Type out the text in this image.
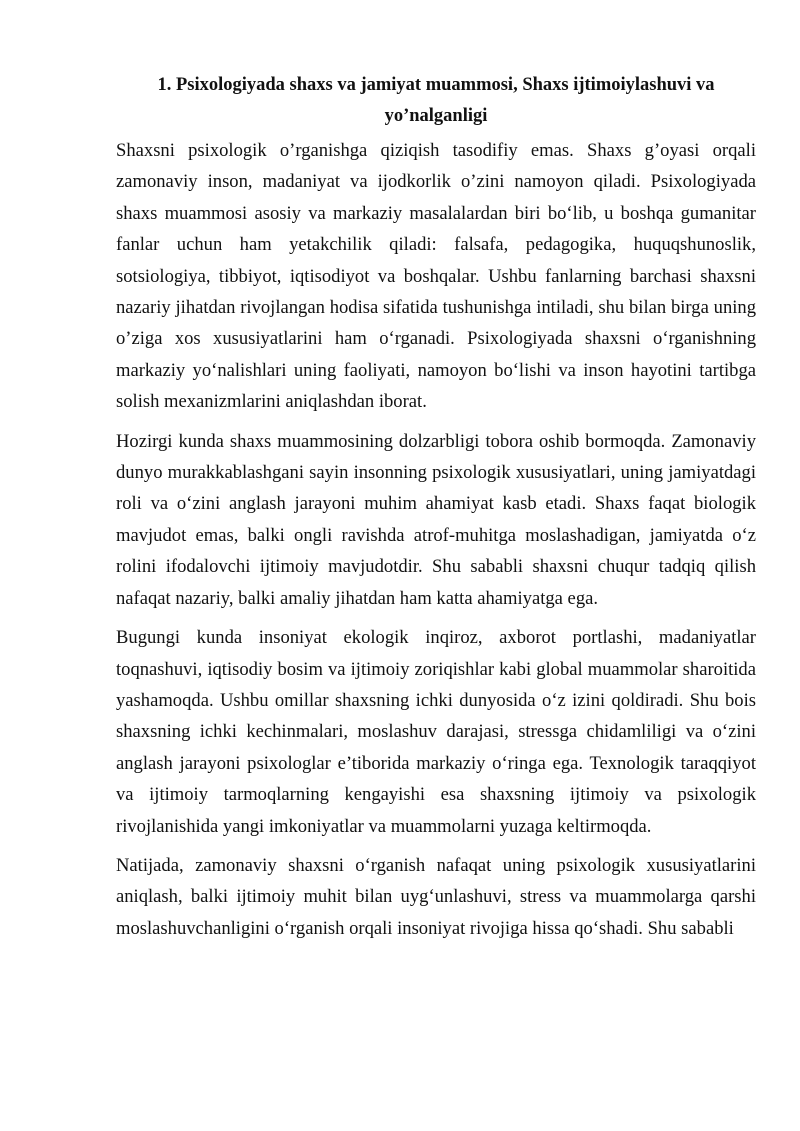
1. Psixologiyada shaxs va jamiyat muammosi, Shaxs ijtimoiylashuvi va yo’nalganligi

Shaxsni psixologik o’rganishga qiziqish tasodifiy emas. Shaxs g’oyasi orqali zamonaviy inson, madaniyat va ijodkorlik o’zini namoyon qiladi. Psixologiyada shaxs muammosi asosiy va markaziy masalalardan biri bo‘lib, u boshqa gumanitar fanlar uchun ham yetakchilik qiladi: falsafa, pedagogika, huquqshunoslik, sotsiologiya, tibbiyot, iqtisodiyot va boshqalar. Ushbu fanlarning barchasi shaxsni nazariy jihatdan rivojlangan hodisa sifatida tushunishga intiladi, shu bilan birga uning o’ziga xos xususiyatlarini ham o‘rganadi. Psixologiyada shaxsni o‘rganishning markaziy yo‘nalishlari uning faoliyati, namoyon bo‘lishi va inson hayotini tartibga solish mexanizmlarini aniqlashdan iborat.

Hozirgi kunda shaxs muammosining dolzarbligi tobora oshib bormoqda. Zamonaviy dunyo murakkablashgani sayin insonning psixologik xususiyatlari, uning jamiyatdagi roli va o‘zini anglash jarayoni muhim ahamiyat kasb etadi. Shaxs faqat biologik mavjudot emas, balki ongli ravishda atrof-muhitga moslashadigan, jamiyatda o‘z rolini ifodalovchi ijtimoiy mavjudotdir. Shu sababli shaxsni chuqur tadqiq qilish nafaqat nazariy, balki amaliy jihatdan ham katta ahamiyatga ega.

Bugungi kunda insoniyat ekologik inqiroz, axborot portlashi, madaniyatlar toqnashuvi, iqtisodiy bosim va ijtimoiy zoriqishlar kabi global muammolar sharoitida yashamoqda. Ushbu omillar shaxsning ichki dunyosida o‘z izini qoldiradi. Shu bois shaxsning ichki kechinmalari, moslashuv darajasi, stressga chidamliligi va o‘zini anglash jarayoni psixologlar e’tiborida markaziy o‘ringa ega. Texnologik taraqqiyot va ijtimoiy tarmoqlarning kengayishi esa shaxsning ijtimoiy va psixologik rivojlanishida yangi imkoniyatlar va muammolarni yuzaga keltirmoqda.

Natijada, zamonaviy shaxsni o‘rganish nafaqat uning psixologik xususiyatlarini aniqlash, balki ijtimoiy muhit bilan uyg‘unlashuvi, stress va muammolarga qarshi moslashuvchanligini o‘rganish orqali insoniyat rivojiga hissa qo‘shadi. Shu sababli
